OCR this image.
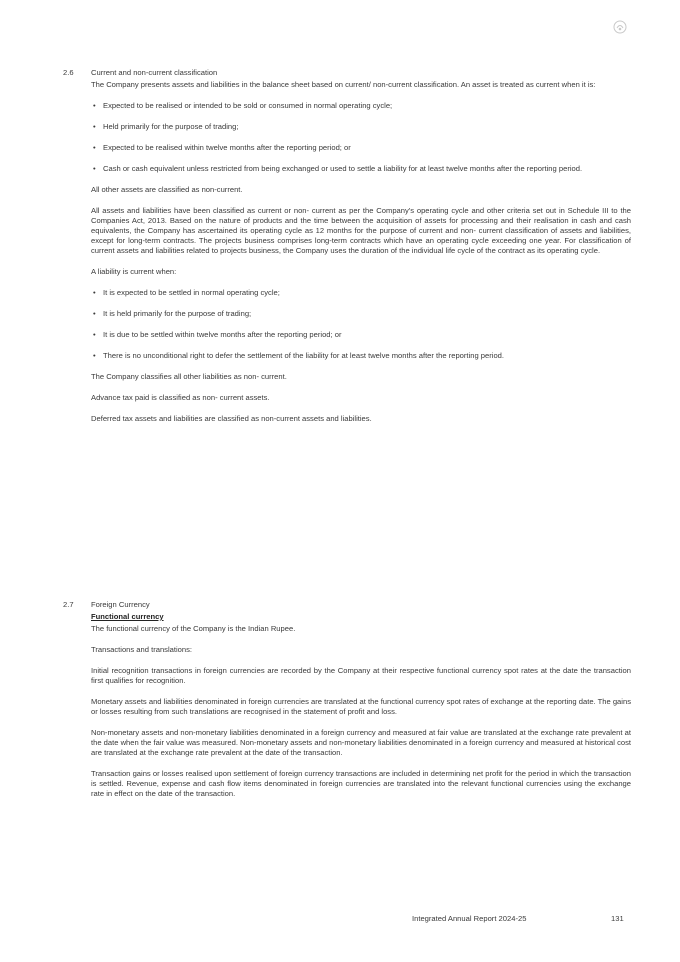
2.6	Current and non-current classification

The Company presents assets and liabilities in the balance sheet based on current/ non-current classification. An asset is treated as current when it is:

• Expected to be realised or intended to be sold or consumed in normal operating cycle;
• Held primarily for the purpose of trading;
• Expected to be realised within twelve months after the reporting period; or
• Cash or cash equivalent unless restricted from being exchanged or used to settle a liability for at least twelve months after the reporting period.

All other assets are classified as non-current.

All assets and liabilities have been classified as current or non- current as per the Company's operating cycle and other criteria set out in Schedule III to the Companies Act, 2013. Based on the nature of products and the time between the acquisition of assets for processing and their realisation in cash and cash equivalents, the Company has ascertained its operating cycle as 12 months for the purpose of current and non- current classification of assets and liabilities, except for long-term contracts. The projects business comprises long-term contracts which have an operating cycle exceeding one year. For classification of current assets and liabilities related to projects business, the Company uses the duration of the individual life cycle of the contract as its operating cycle.

A liability is current when:

• It is expected to be settled in normal operating cycle;
• It is held primarily for the purpose of trading;
• It is due to be settled within twelve months after the reporting period; or
• There is no unconditional right to defer the settlement of the liability for at least twelve months after the reporting period.

The Company classifies all other liabilities as non- current.

Advance tax paid is classified as non- current assets.

Deferred tax assets and liabilities are classified as non-current assets and liabilities.

2.7	Foreign Currency
Functional currency

The functional currency of the Company is the Indian Rupee.

Transactions and translations:

Initial recognition transactions in foreign currencies are recorded by the Company at their respective functional currency spot rates at the date the transaction first qualifies for recognition.

Monetary assets and liabilities denominated in foreign currencies are translated at the functional currency spot rates of exchange at the reporting date. The gains or losses resulting from such translations are recognised in the statement of profit and loss.

Non-monetary assets and non-monetary liabilities denominated in a foreign currency and measured at fair value are translated at the exchange rate prevalent at the date when the fair value was measured. Non-monetary assets and non-monetary liabilities denominated in a foreign currency and measured at historical cost are translated at the exchange rate prevalent at the date of the transaction.

Transaction gains or losses realised upon settlement of foreign currency transactions are included in determining net profit for the period in which the transaction is settled. Revenue, expense and cash flow items denominated in foreign currencies are translated into the relevant functional currencies using the exchange rate in effect on the date of the transaction.

Integrated Annual Report 2024-25	131
